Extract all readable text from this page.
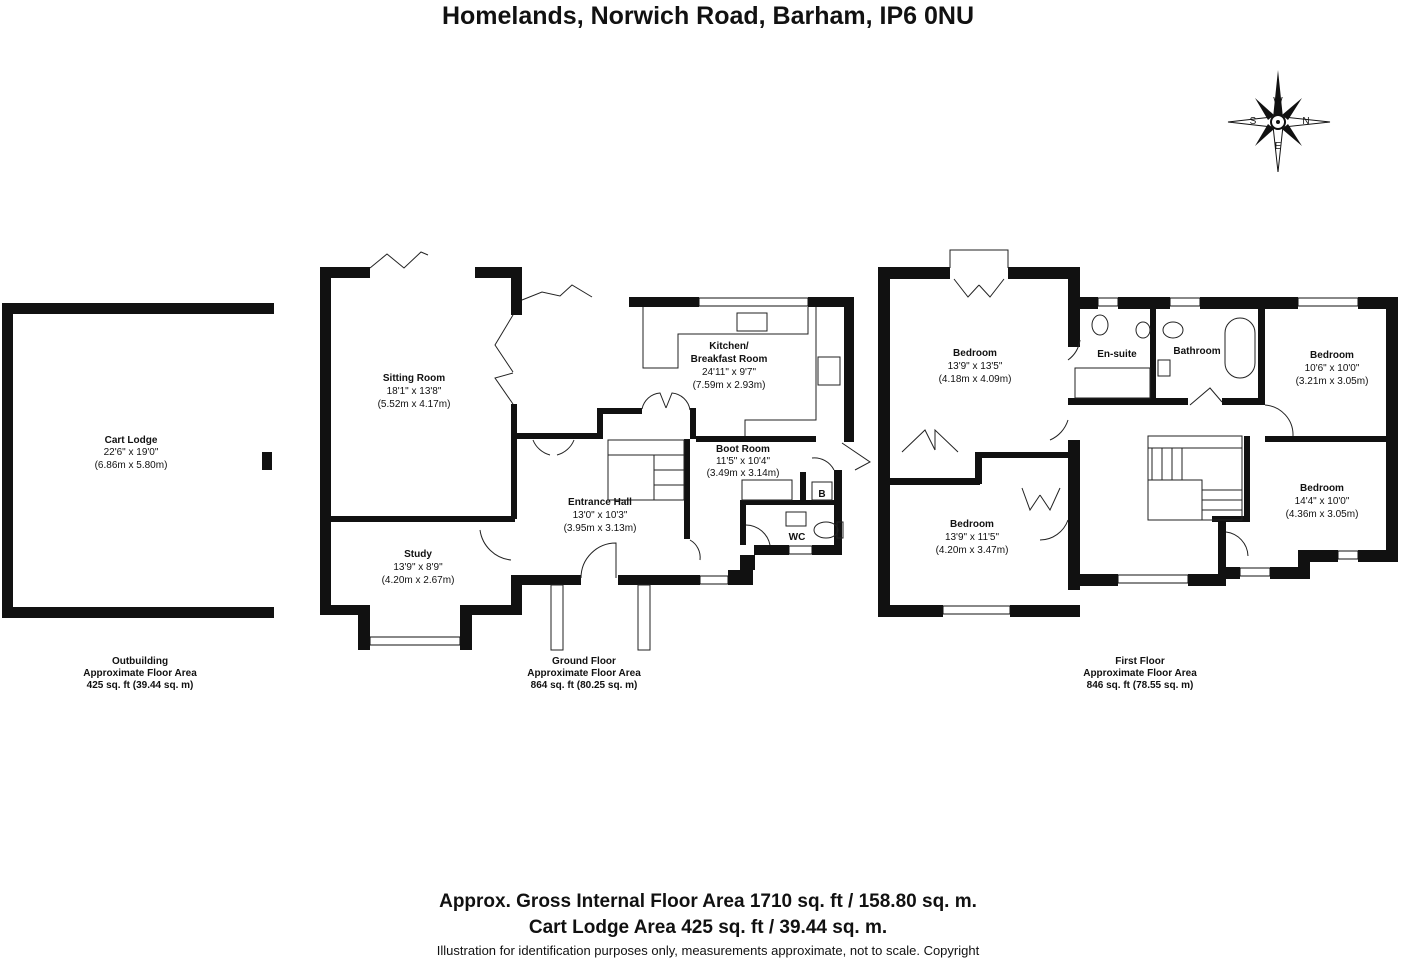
Homelands, Norwich Road, Barham, IP6 0NU
W
N
E
S
Cart Lodge
22'6" x 19'0"
(6.86m x 5.80m)
Sitting Room
18'1" x 13'8"
(5.52m x 4.17m)
Study
13'9" x 8'9"
(4.20m x 2.67m)
Kitchen/
Breakfast Room
24'11" x 9'7"
(7.59m x 2.93m)
Boot Room
11'5" x 10'4"
(3.49m x 3.14m)
Entrance Hall
13'0" x 10'3"
(3.95m x 3.13m)
WC
B
Bedroom
13'9" x 13'5"
(4.18m x 4.09m)
En-suite	Bathroom	Bedroom
10'6" x 10'0"
(3.21m x 3.05m)
Bedroom
13'9" x 11'5"
(4.20m x 3.47m)
Bedroom
14'4" x 10'0"
(4.36m x 3.05m)
Outbuilding
Approximate Floor Area
425 sq. ft (39.44 sq. m)
Ground Floor
Approximate Floor Area
864 sq. ft (80.25 sq. m)
First Floor
Approximate Floor Area
846 sq. ft (78.55 sq. m)
Approx. Gross Internal Floor Area 1710 sq. ft / 158.80 sq. m.
Cart Lodge Area 425 sq. ft / 39.44 sq. m.
Illustration for identification purposes only, measurements approximate, not to scale. Copyright
